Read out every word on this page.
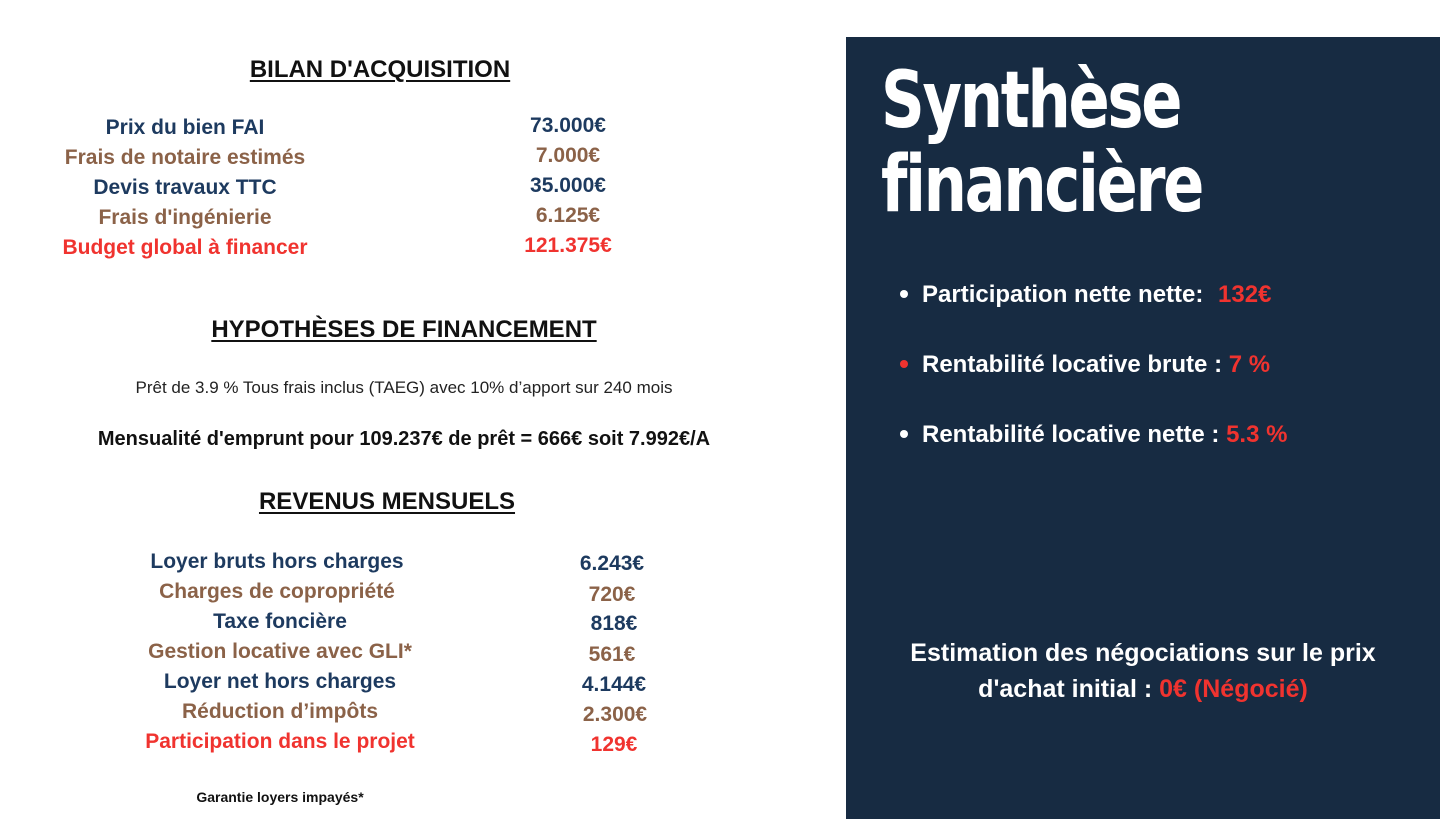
BILAN D'ACQUISITION
Prix du bien FAI	73.000€
Frais de notaire estimés	7.000€
Devis travaux TTC	35.000€
Frais d'ingénierie	6.125€
Budget global à financer	121.375€
HYPOTHÈSES DE FINANCEMENT
Prêt de 3.9 % Tous frais inclus (TAEG) avec 10% d’apport sur 240 mois
Mensualité d'emprunt pour 109.237€ de prêt = 666€ soit 7.992€/A
REVENUS MENSUELS
Loyer bruts hors charges	6.243€
Charges de copropriété	720€
Taxe foncière	818€
Gestion locative avec GLI*	561€
Loyer net hors charges	4.144€
Réduction d’impôts	2.300€
Participation dans le projet	129€
Garantie loyers impayés*
Synthèse
financière
Participation nette nette: 132€
Rentabilité locative brute : 7 %
Rentabilité locative nette : 5.3 %
Estimation des négociations sur le prix
d'achat initial : 0€ (Négocié)
